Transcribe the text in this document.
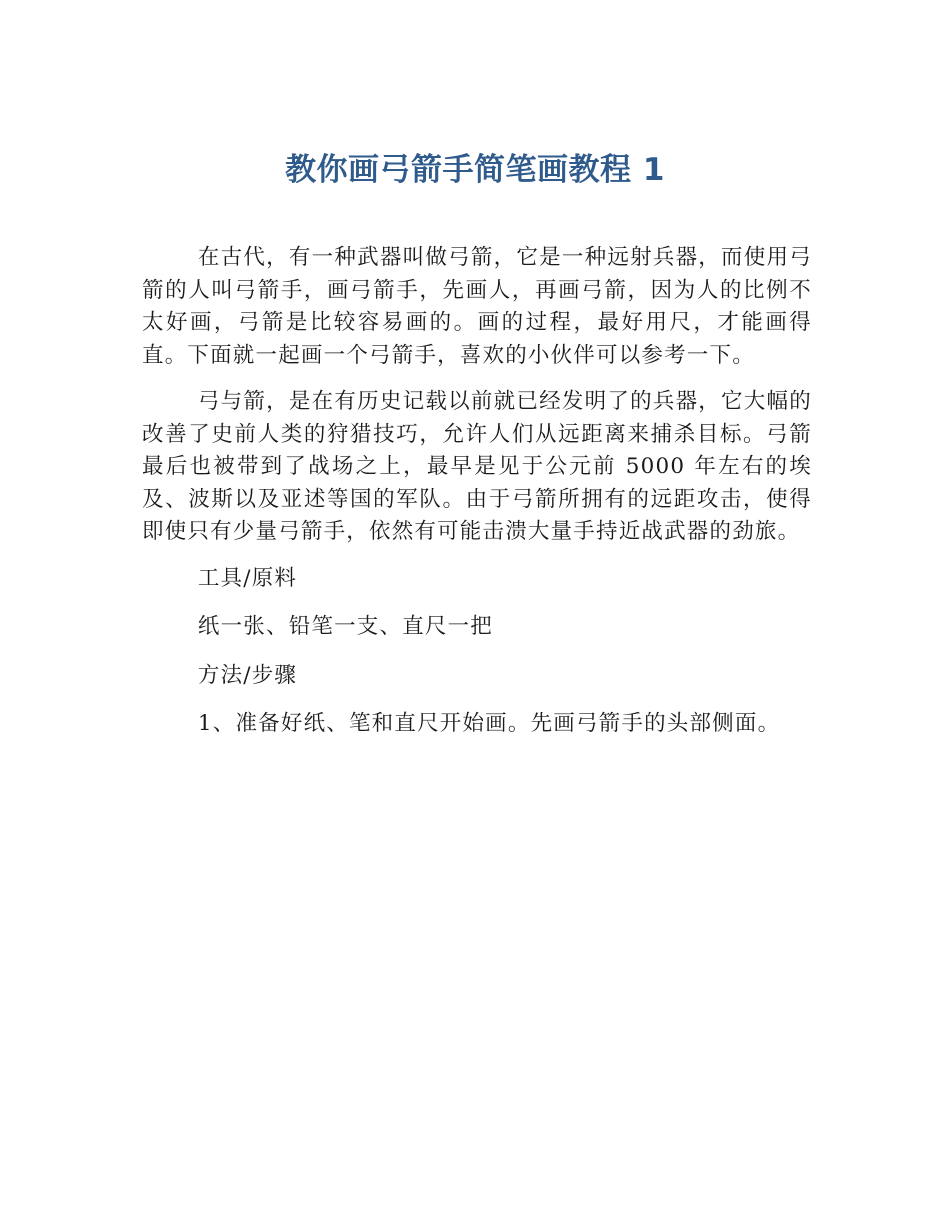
教你画弓箭手简笔画教程 1

在古代，有一种武器叫做弓箭，它是一种远射兵器，而使用弓箭的人叫弓箭手，画弓箭手，先画人，再画弓箭，因为人的比例不太好画，弓箭是比较容易画的。画的过程，最好用尺，才能画得直。下面就一起画一个弓箭手，喜欢的小伙伴可以参考一下。

弓与箭，是在有历史记载以前就已经发明了的兵器，它大幅的改善了史前人类的狩猎技巧，允许人们从远距离来捕杀目标。弓箭最后也被带到了战场之上，最早是见于公元前 5000 年左右的埃及、波斯以及亚述等国的军队。由于弓箭所拥有的远距攻击，使得即使只有少量弓箭手，依然有可能击溃大量手持近战武器的劲旅。

工具/原料

纸一张、铅笔一支、直尺一把

方法/步骤

1、准备好纸、笔和直尺开始画。先画弓箭手的头部侧面。
